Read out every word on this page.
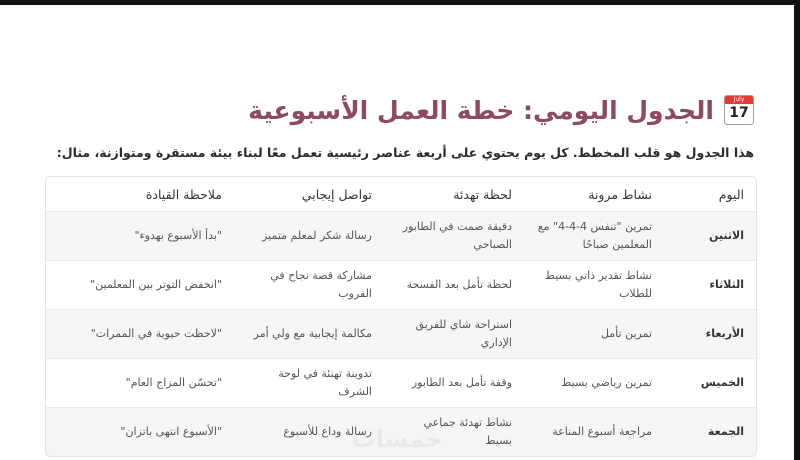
July
17
الجدول اليومي: خطة العمل الأسبوعية
هذا الجدول هو قلب المخطط. كل يوم يحتوي على أربعة عناصر رئيسية تعمل معًا لبناء بيئة مستقرة ومتوازنة، مثال:
اليوم	نشاط مرونة	لحظة تهدئة	تواصل إيجابي	ملاحظة القيادة
الاثنين	تمرين "تنفس 4-4-4" مع المعلمين صباحًا	دقيقة صمت في الطابور الصباحي	رسالة شكر لمعلم متميز	"بدأ الأسبوع بهدوء"
الثلاثاء	نشاط تقدير ذاتي بسيط للطلاب	لحظة تأمل بعد الفسحة	مشاركة قصة نجاح في القروب	"انخفض التوتر بين المعلمين"
الأربعاء	تمرين تأمل	استراحة شاي للفريق الإداري	مكالمة إيجابية مع ولي أمر	"لاحظت حيوية في الممرات"
الخميس	تمرين رياضي بسيط	وقفة تأمل بعد الطابور	تدوينة تهنئة في لوحة الشرف	"تحسّن المزاج العام"
الجمعة	مراجعة أسبوع المناعة	نشاط تهدئة جماعي بسيط	رسالة وداع للأسبوع	"الأسبوع انتهى باتزان"	خمسات
